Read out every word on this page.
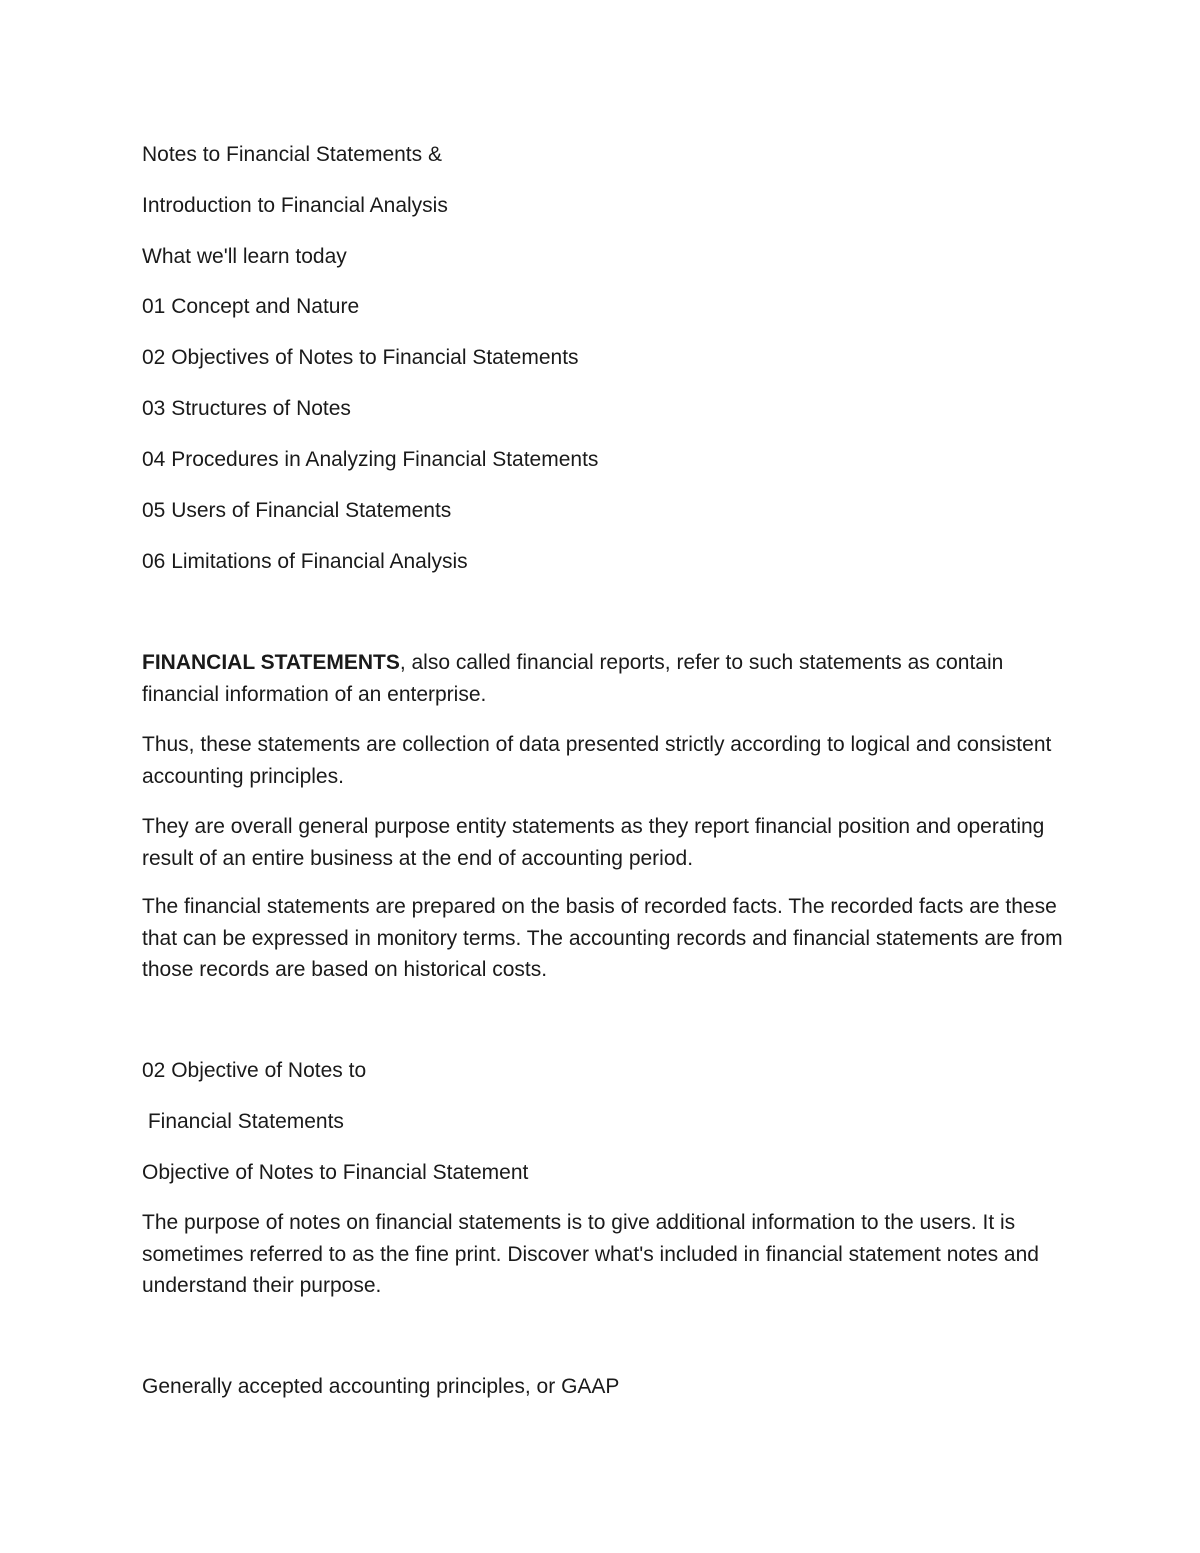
Notes to Financial Statements &

Introduction to Financial Analysis

What we'll learn today

01 Concept and Nature

02 Objectives of Notes to Financial Statements

03 Structures of Notes

04 Procedures in Analyzing Financial Statements

05 Users of Financial Statements

06 Limitations of Financial Analysis

FINANCIAL STATEMENTS, also called financial reports, refer to such statements as contain financial information of an enterprise.

Thus, these statements are collection of data presented strictly according to logical and consistent accounting principles.

They are overall general purpose entity statements as they report financial position and operating result of an entire business at the end of accounting period.

The financial statements are prepared on the basis of recorded facts. The recorded facts are these that can be expressed in monitory terms. The accounting records and financial statements are from those records are based on historical costs.

02 Objective of Notes to

Financial Statements

Objective of Notes to Financial Statement

The purpose of notes on financial statements is to give additional information to the users. It is sometimes referred to as the fine print. Discover what's included in financial statement notes and understand their purpose.

Generally accepted accounting principles, or GAAP
